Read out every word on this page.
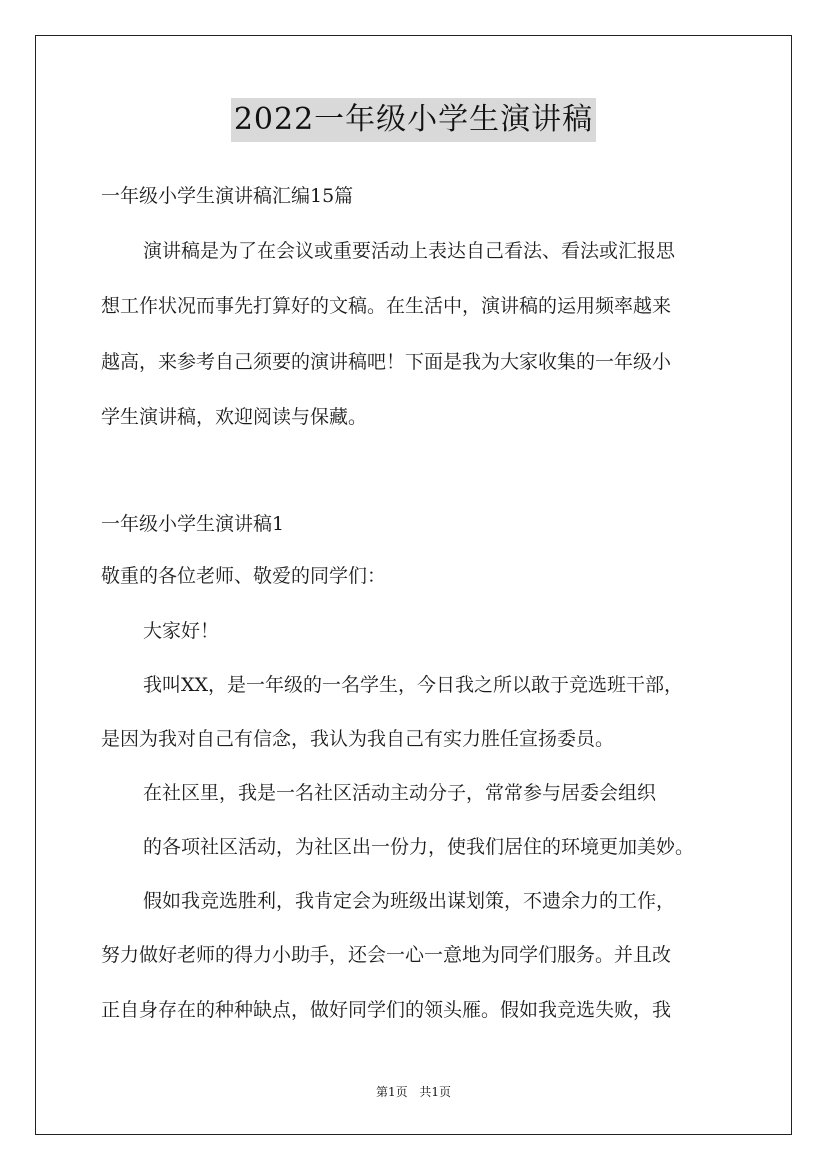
2022一年级小学生演讲稿
一年级小学生演讲稿汇编15篇
演讲稿是为了在会议或重要活动上表达自己看法、看法或汇报思
想工作状况而事先打算好的文稿。在生活中，演讲稿的运用频率越来
越高，来参考自己须要的演讲稿吧！下面是我为大家收集的一年级小
学生演讲稿，欢迎阅读与保藏。
一年级小学生演讲稿1
敬重的各位老师、敬爱的同学们：
大家好！
我叫XX，是一年级的一名学生，今日我之所以敢于竞选班干部，
是因为我对自己有信念，我认为我自己有实力胜任宣扬委员。
在社区里，我是一名社区活动主动分子，常常参与居委会组织
的各项社区活动，为社区出一份力，使我们居住的环境更加美妙。
假如我竞选胜利，我肯定会为班级出谋划策，不遗余力的工作，
努力做好老师的得力小助手，还会一心一意地为同学们服务。并且改
正自身存在的种种缺点，做好同学们的领头雁。假如我竞选失败，我
第1页 共1页
